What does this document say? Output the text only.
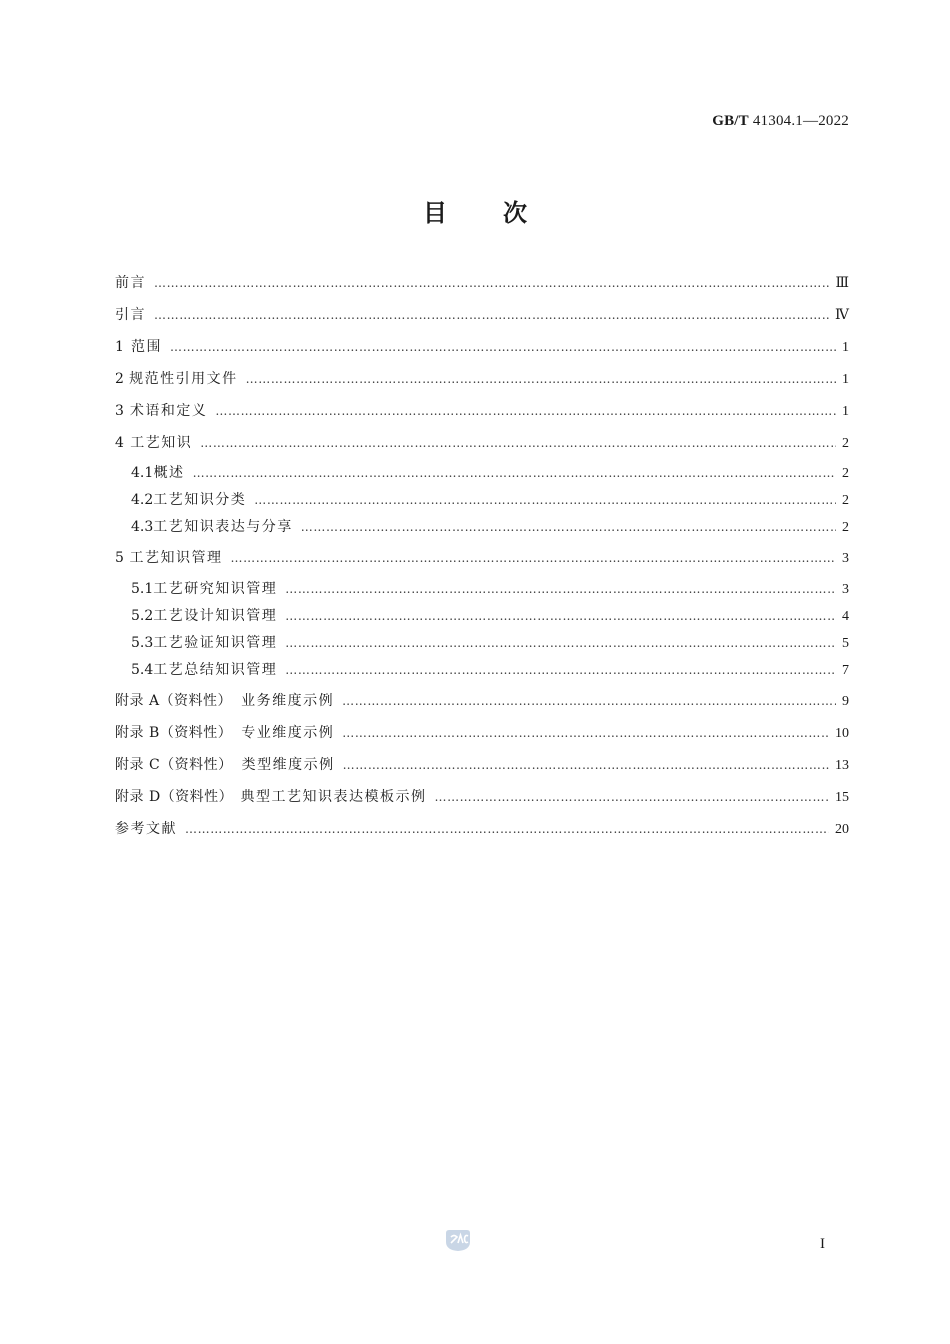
GB/T 41304.1—2022
目 次
前言 ……………………………………………………………………………………………………………………………………………………………………………………………………………………………………	Ⅲ
引言 ……………………………………………………………………………………………………………………………………………………………………………………………………………………………………	Ⅳ
1 范围 ……………………………………………………………………………………………………………………………………………………………………………………………………………………………………	1
2 规范性引用文件 ……………………………………………………………………………………………………………………………………………………………………………………………………………………………………	1
3 术语和定义 ……………………………………………………………………………………………………………………………………………………………………………………………………………………………………	1
4 工艺知识 ……………………………………………………………………………………………………………………………………………………………………………………………………………………………………	2
4.1 概述 ……………………………………………………………………………………………………………………………………………………………………………………………………………………………………	2
4.2 工艺知识分类 ……………………………………………………………………………………………………………………………………………………………………………………………………………………………………	2
4.3 工艺知识表达与分享 ……………………………………………………………………………………………………………………………………………………………………………………………………………………………………	2
5 工艺知识管理 ……………………………………………………………………………………………………………………………………………………………………………………………………………………………………	3
5.1 工艺研究知识管理 ……………………………………………………………………………………………………………………………………………………………………………………………………………………………………	3
5.2 工艺设计知识管理 ……………………………………………………………………………………………………………………………………………………………………………………………………………………………………	4
5.3 工艺验证知识管理 ……………………………………………………………………………………………………………………………………………………………………………………………………………………………………	5
5.4 工艺总结知识管理 ……………………………………………………………………………………………………………………………………………………………………………………………………………………………………	7
附录 A（资料性） 业务维度示例 ……………………………………………………………………………………………………………………………………………………………………………………………………………………………………	9
附录 B（资料性） 专业维度示例 ……………………………………………………………………………………………………………………………………………………………………………………………………………………………………	10
附录 C（资料性） 类型维度示例 ……………………………………………………………………………………………………………………………………………………………………………………………………………………………………	13
附录 D（资料性） 典型工艺知识表达模板示例 ……………………………………………………………………………………………………………………………………………………………………………………………………………………………………	15
参考文献 ……………………………………………………………………………………………………………………………………………………………………………………………………………………………………	20
I
